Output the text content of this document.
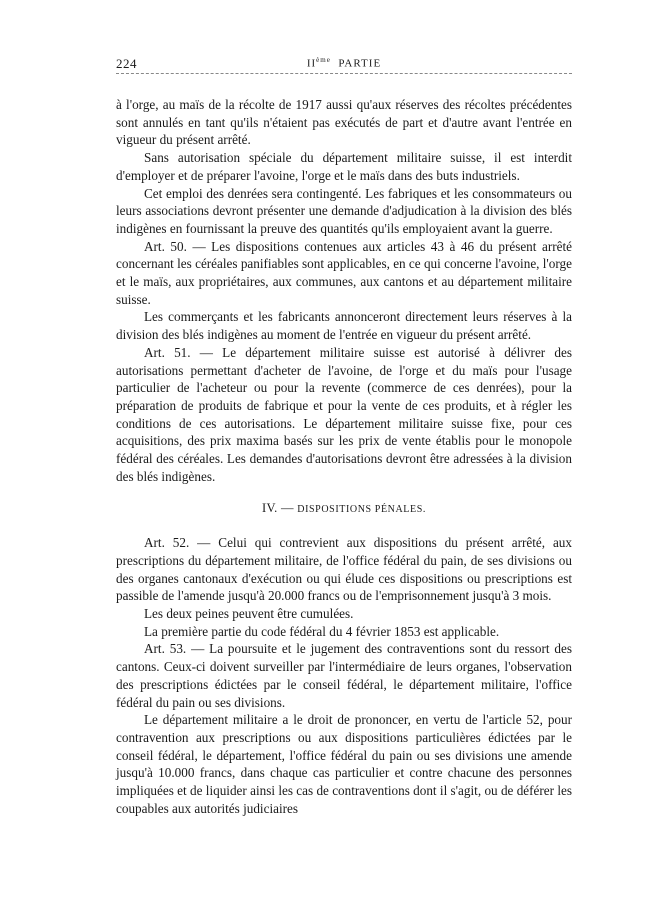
224	IIème PARTIE

à l'orge, au maïs de la récolte de 1917 aussi qu'aux réserves des récoltes précédentes sont annulés en tant qu'ils n'étaient pas exécutés de part et d'autre avant l'entrée en vigueur du présent arrêté.

Sans autorisation spéciale du département militaire suisse, il est interdit d'employer et de préparer l'avoine, l'orge et le maïs dans des buts industriels.

Cet emploi des denrées sera contingenté. Les fabriques et les consommateurs ou leurs associations devront présenter une demande d'adjudication à la division des blés indigènes en fournissant la preuve des quantités qu'ils employaient avant la guerre.

Art. 50. — Les dispositions contenues aux articles 43 à 46 du présent arrêté concernant les céréales panifiables sont applicables, en ce qui concerne l'avoine, l'orge et le maïs, aux propriétaires, aux communes, aux cantons et au département militaire suisse.

Les commerçants et les fabricants annonceront directement leurs réserves à la division des blés indigènes au moment de l'entrée en vigueur du présent arrêté.

Art. 51. — Le département militaire suisse est autorisé à délivrer des autorisations permettant d'acheter de l'avoine, de l'orge et du maïs pour l'usage particulier de l'acheteur ou pour la revente (commerce de ces denrées), pour la préparation de produits de fabrique et pour la vente de ces produits, et à régler les conditions de ces autorisations. Le département militaire suisse fixe, pour ces acquisitions, des prix maxima basés sur les prix de vente établis pour le monopole fédéral des céréales. Les demandes d'autorisations devront être adressées à la division des blés indigènes.

IV. — DISPOSITIONS PÉNALES.

Art. 52. — Celui qui contrevient aux dispositions du présent arrêté, aux prescriptions du département militaire, de l'office fédéral du pain, de ses divisions ou des organes cantonaux d'exécution ou qui élude ces dispositions ou prescriptions est passible de l'amende jusqu'à 20.000 francs ou de l'emprisonnement jusqu'à 3 mois.

Les deux peines peuvent être cumulées.

La première partie du code fédéral du 4 février 1853 est applicable.

Art. 53. — La poursuite et le jugement des contraventions sont du ressort des cantons. Ceux-ci doivent surveiller par l'intermédiaire de leurs organes, l'observation des prescriptions édictées par le conseil fédéral, le département militaire, l'office fédéral du pain ou ses divisions.

Le département militaire a le droit de prononcer, en vertu de l'article 52, pour contravention aux prescriptions ou aux dispositions particulières édictées par le conseil fédéral, le département, l'office fédéral du pain ou ses divisions une amende jusqu'à 10.000 francs, dans chaque cas particulier et contre chacune des personnes impliquées et de liquider ainsi les cas de contraventions dont il s'agit, ou de déférer les coupables aux autorités judiciaires
